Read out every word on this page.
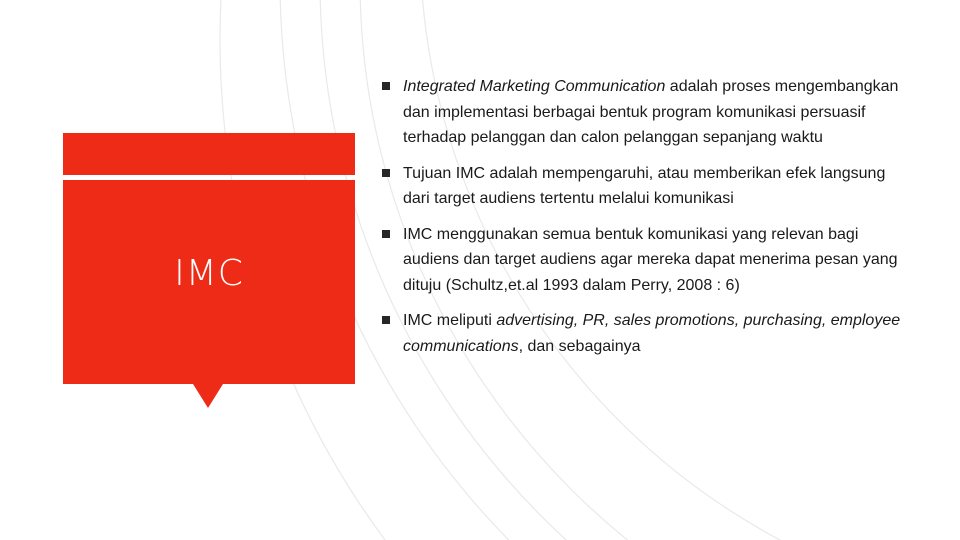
IMC
Integrated Marketing Communication adalah proses mengembangkan dan implementasi berbagai bentuk program komunikasi persuasif terhadap pelanggan dan calon pelanggan sepanjang waktu
Tujuan IMC adalah mempengaruhi, atau memberikan efek langsung dari target audiens tertentu melalui komunikasi
IMC menggunakan semua bentuk komunikasi yang relevan bagi audiens dan target audiens agar mereka dapat menerima pesan yang dituju (Schultz,et.al 1993 dalam Perry, 2008 : 6)
IMC meliputi advertising, PR, sales promotions, purchasing, employee communications, dan sebagainya
